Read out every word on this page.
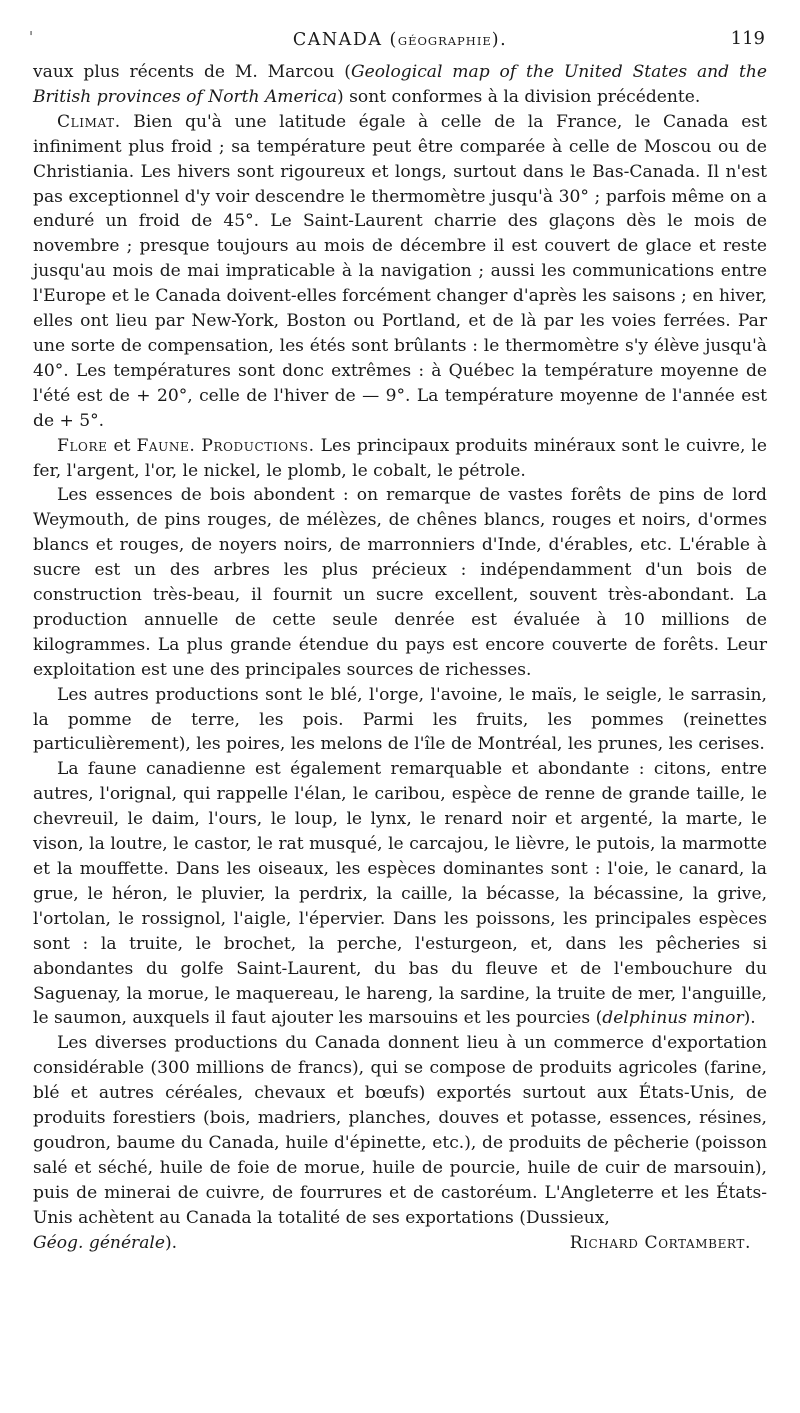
'	CANADA (GÉOGRAPHIE).	119

vaux plus récents de M. Marcou (Geological map of the United States and the British provinces of North America) sont conformes à la division précédente.

Climat. Bien qu'à une latitude égale à celle de la France, le Canada est infiniment plus froid ; sa température peut être comparée à celle de Moscou ou de Christiania. Les hivers sont rigoureux et longs, surtout dans le Bas-Canada. Il n'est pas exceptionnel d'y voir descendre le thermomètre jusqu'à 30° ; parfois même on a enduré un froid de 45°. Le Saint-Laurent charrie des glaçons dès le mois de novembre ; presque toujours au mois de décembre il est couvert de glace et reste jusqu'au mois de mai impraticable à la navigation ; aussi les communications entre l'Europe et le Canada doivent-elles forcément changer d'après les saisons ; en hiver, elles ont lieu par New-York, Boston ou Portland, et de là par les voies ferrées. Par une sorte de compensation, les étés sont brûlants : le thermomètre s'y élève jusqu'à 40°. Les températures sont donc extrêmes : à Québec la température moyenne de l'été est de + 20°, celle de l'hiver de — 9°. La température moyenne de l'année est de + 5°.

Flore et Faune. Productions. Les principaux produits minéraux sont le cuivre, le fer, l'argent, l'or, le nickel, le plomb, le cobalt, le pétrole.

Les essences de bois abondent : on remarque de vastes forêts de pins de lord Weymouth, de pins rouges, de mélèzes, de chênes blancs, rouges et noirs, d'ormes blancs et rouges, de noyers noirs, de marronniers d'Inde, d'érables, etc. L'érable à sucre est un des arbres les plus précieux : indépendamment d'un bois de construction très-beau, il fournit un sucre excellent, souvent très-abondant. La production annuelle de cette seule denrée est évaluée à 10 millions de kilogrammes. La plus grande étendue du pays est encore couverte de forêts. Leur exploitation est une des principales sources de richesses.

Les autres productions sont le blé, l'orge, l'avoine, le maïs, le seigle, le sarrasin, la pomme de terre, les pois. Parmi les fruits, les pommes (reinettes particulièrement), les poires, les melons de l'île de Montréal, les prunes, les cerises.

La faune canadienne est également remarquable et abondante : citons, entre autres, l'orignal, qui rappelle l'élan, le caribou, espèce de renne de grande taille, le chevreuil, le daim, l'ours, le loup, le lynx, le renard noir et argenté, la marte, le vison, la loutre, le castor, le rat musqué, le carcajou, le lièvre, le putois, la marmotte et la mouffette. Dans les oiseaux, les espèces dominantes sont : l'oie, le canard, la grue, le héron, le pluvier, la perdrix, la caille, la bécasse, la bécassine, la grive, l'ortolan, le rossignol, l'aigle, l'épervier. Dans les poissons, les principales espèces sont : la truite, le brochet, la perche, l'esturgeon, et, dans les pêcheries si abondantes du golfe Saint-Laurent, du bas du fleuve et de l'embouchure du Saguenay, la morue, le maquereau, le hareng, la sardine, la truite de mer, l'anguille, le saumon, auxquels il faut ajouter les marsouins et les pourcies (delphinus minor).

Les diverses productions du Canada donnent lieu à un commerce d'exportation considérable (300 millions de francs), qui se compose de produits agricoles (farine, blé et autres céréales, chevaux et bœufs) exportés surtout aux États-Unis, de produits forestiers (bois, madriers, planches, douves et potasse, essences, résines, goudron, baume du Canada, huile d'épinette, etc.), de produits de pêcherie (poisson salé et séché, huile de foie de morue, huile de pourcie, huile de cuir de marsouin), puis de minerai de cuivre, de fourrures et de castoréum. L'Angleterre et les États-Unis achètent au Canada la totalité de ses exportations (Dussieux,

Géog. générale).	Richard Cortambert.
